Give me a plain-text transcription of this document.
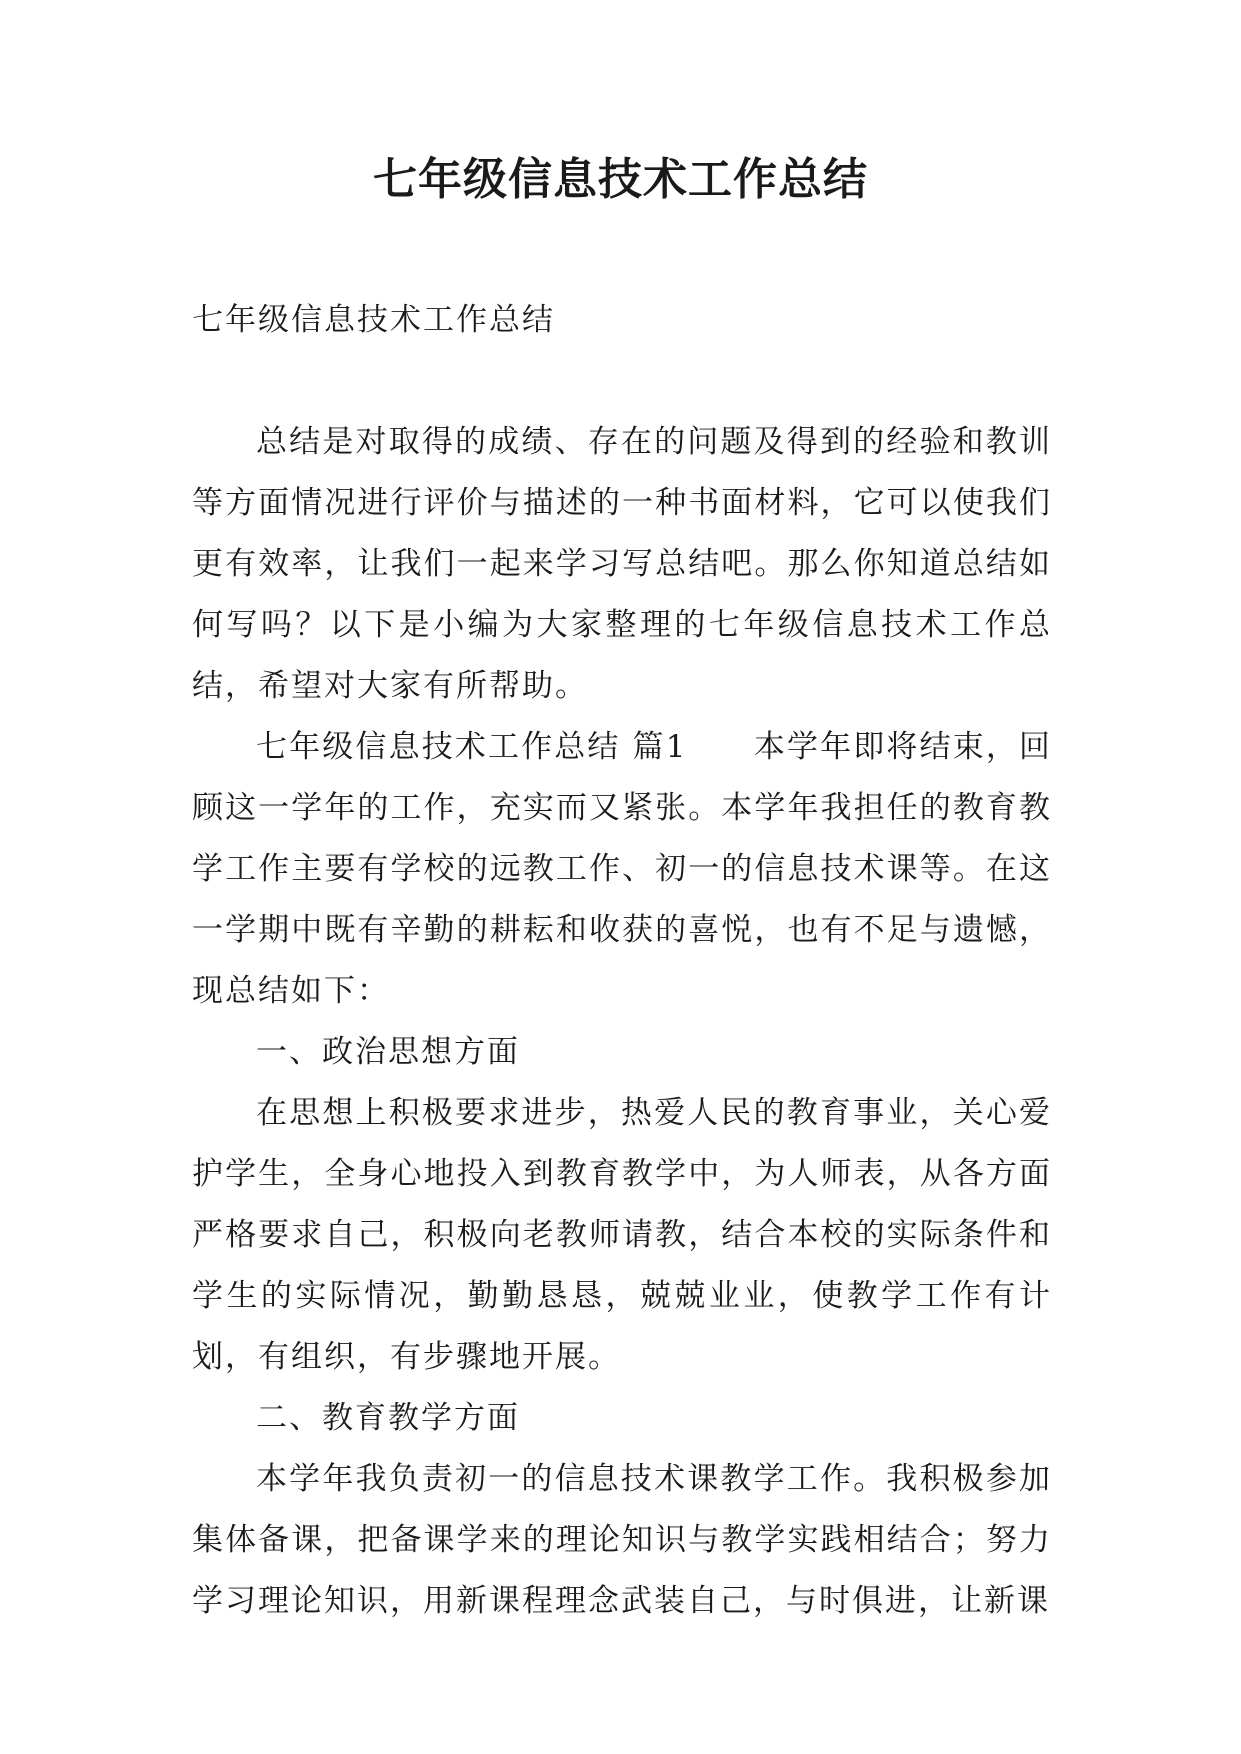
七年级信息技术工作总结

七年级信息技术工作总结

总结是对取得的成绩、存在的问题及得到的经验和教训等方面情况进行评价与描述的一种书面材料，它可以使我们更有效率，让我们一起来学习写总结吧。那么你知道总结如何写吗？以下是小编为大家整理的七年级信息技术工作总结，希望对大家有所帮助。

七年级信息技术工作总结 篇1　　本学年即将结束，回顾这一学年的工作，充实而又紧张。本学年我担任的教育教学工作主要有学校的远教工作、初一的信息技术课等。在这一学期中既有辛勤的耕耘和收获的喜悦，也有不足与遗憾，现总结如下：

一、政治思想方面

在思想上积极要求进步，热爱人民的教育事业，关心爱护学生，全身心地投入到教育教学中，为人师表，从各方面严格要求自己，积极向老教师请教，结合本校的实际条件和学生的实际情况，勤勤恳恳，兢兢业业，使教学工作有计划，有组织，有步骤地开展。

二、教育教学方面

本学年我负责初一的信息技术课教学工作。我积极参加集体备课，把备课学来的理论知识与教学实践相结合；努力学习理论知识，用新课程理念武装自己，与时俱进，让新课
